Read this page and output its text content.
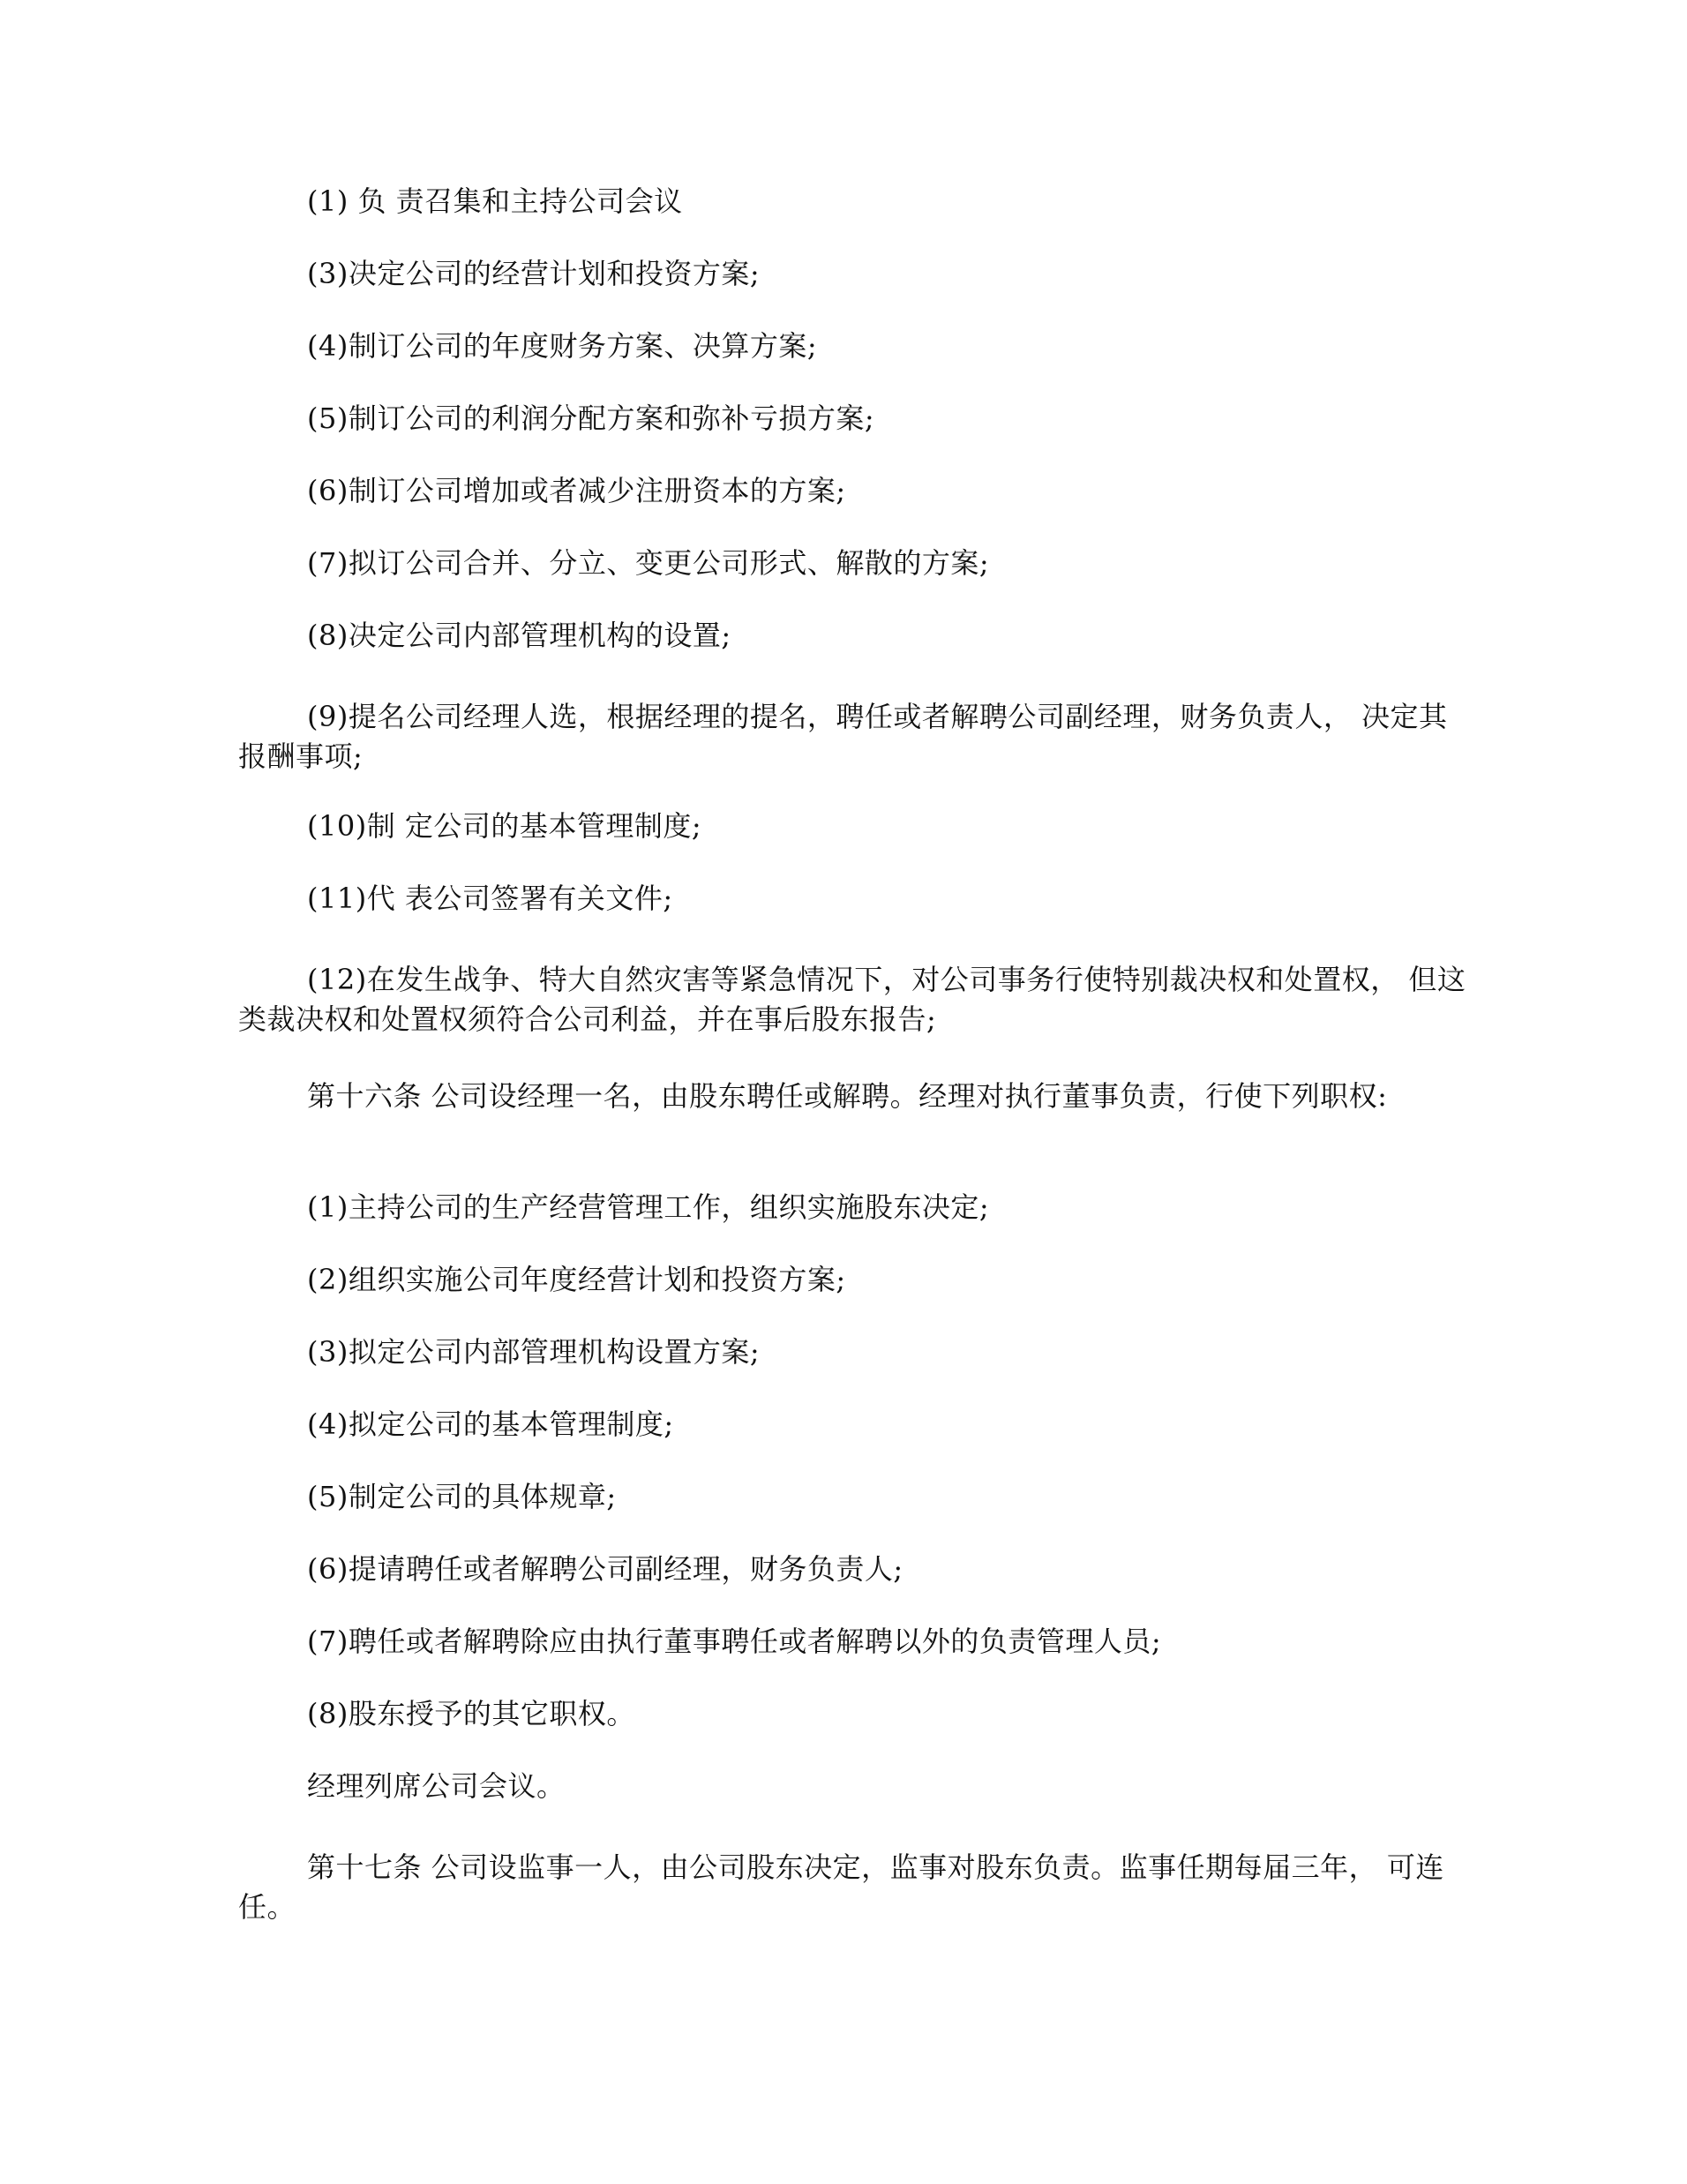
(1) 负 责召集和主持公司会议

(3)决定公司的经营计划和投资方案;

(4)制订公司的年度财务方案、决算方案;

(5)制订公司的利润分配方案和弥补亏损方案;

(6)制订公司增加或者减少注册资本的方案;

(7)拟订公司合并、分立、变更公司形式、解散的方案;

(8)决定公司内部管理机构的设置;

(9)提名公司经理人选，根据经理的提名，聘任或者解聘公司副经理，财务负责人， 决定其报酬事项;

(10)制 定公司的基本管理制度;

(11)代 表公司签署有关文件;

(12)在发生战争、特大自然灾害等紧急情况下，对公司事务行使特别裁决权和处置权， 但这类裁决权和处置权须符合公司利益，并在事后股东报告;

第十六条 公司设经理一名，由股东聘任或解聘。经理对执行董事负责，行使下列职权:

(1)主持公司的生产经营管理工作，组织实施股东决定;

(2)组织实施公司年度经营计划和投资方案;

(3)拟定公司内部管理机构设置方案;

(4)拟定公司的基本管理制度;

(5)制定公司的具体规章;

(6)提请聘任或者解聘公司副经理，财务负责人;

(7)聘任或者解聘除应由执行董事聘任或者解聘以外的负责管理人员;

(8)股东授予的其它职权。

经理列席公司会议。

第十七条 公司设监事一人，由公司股东决定，监事对股东负责。监事任期每届三年， 可连任。
